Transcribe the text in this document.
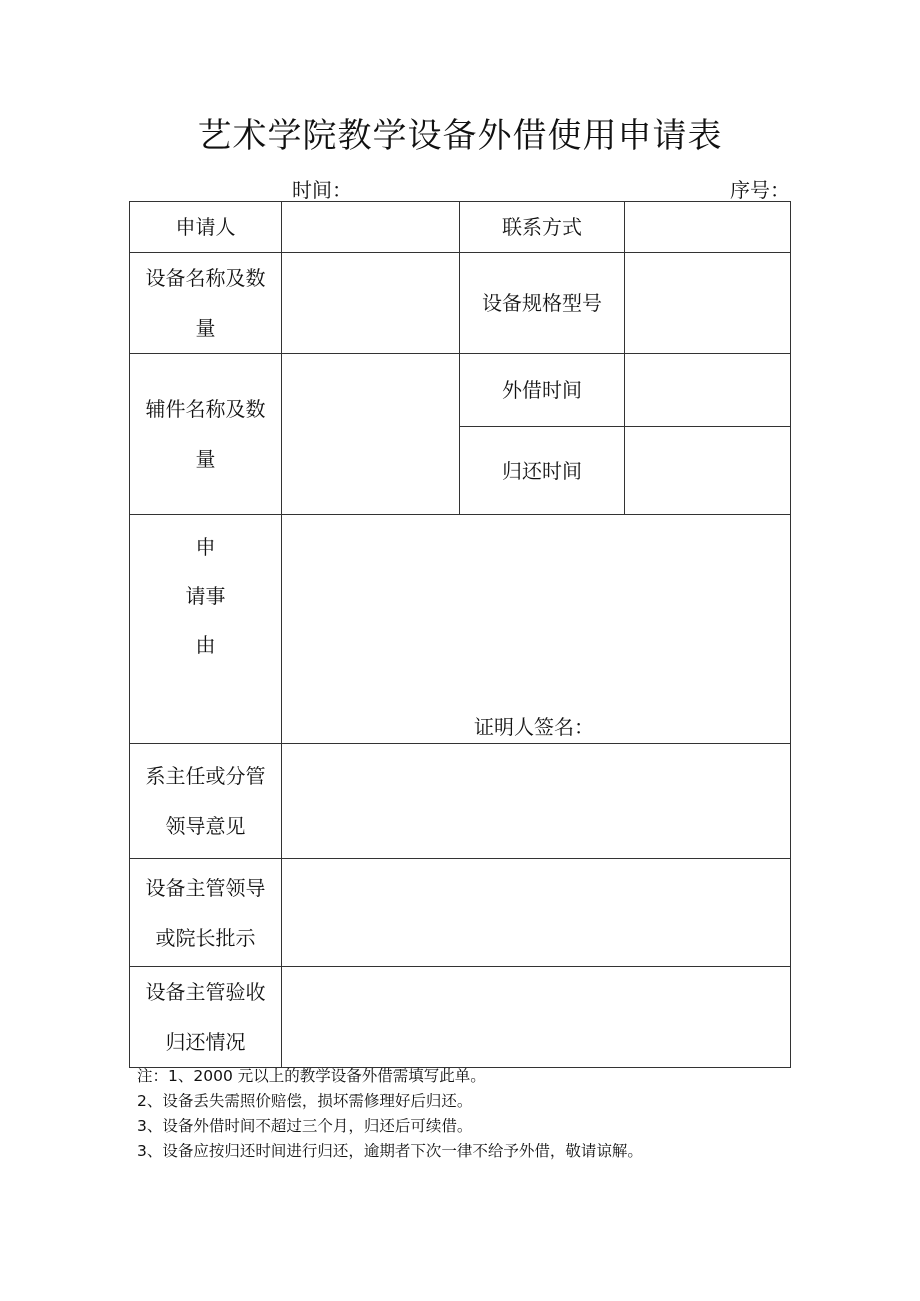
艺术学院教学设备外借使用申请表
时间：	序号：
申请人		联系方式	

设备名称及数
量		设备规格型号	

辅件名称及数
量		外借时间	
		归还时间	

申
请事
由	证明人签名：		

系主任或分管
领导意见			

设备主管领导
或院长批示			

设备主管验收
归还情况			

注：1、2000 元以上的教学设备外借需填写此单。
2、设备丢失需照价赔偿，损坏需修理好后归还。
3、设备外借时间不超过三个月，归还后可续借。
3、设备应按归还时间进行归还，逾期者下次一律不给予外借，敬请谅解。
